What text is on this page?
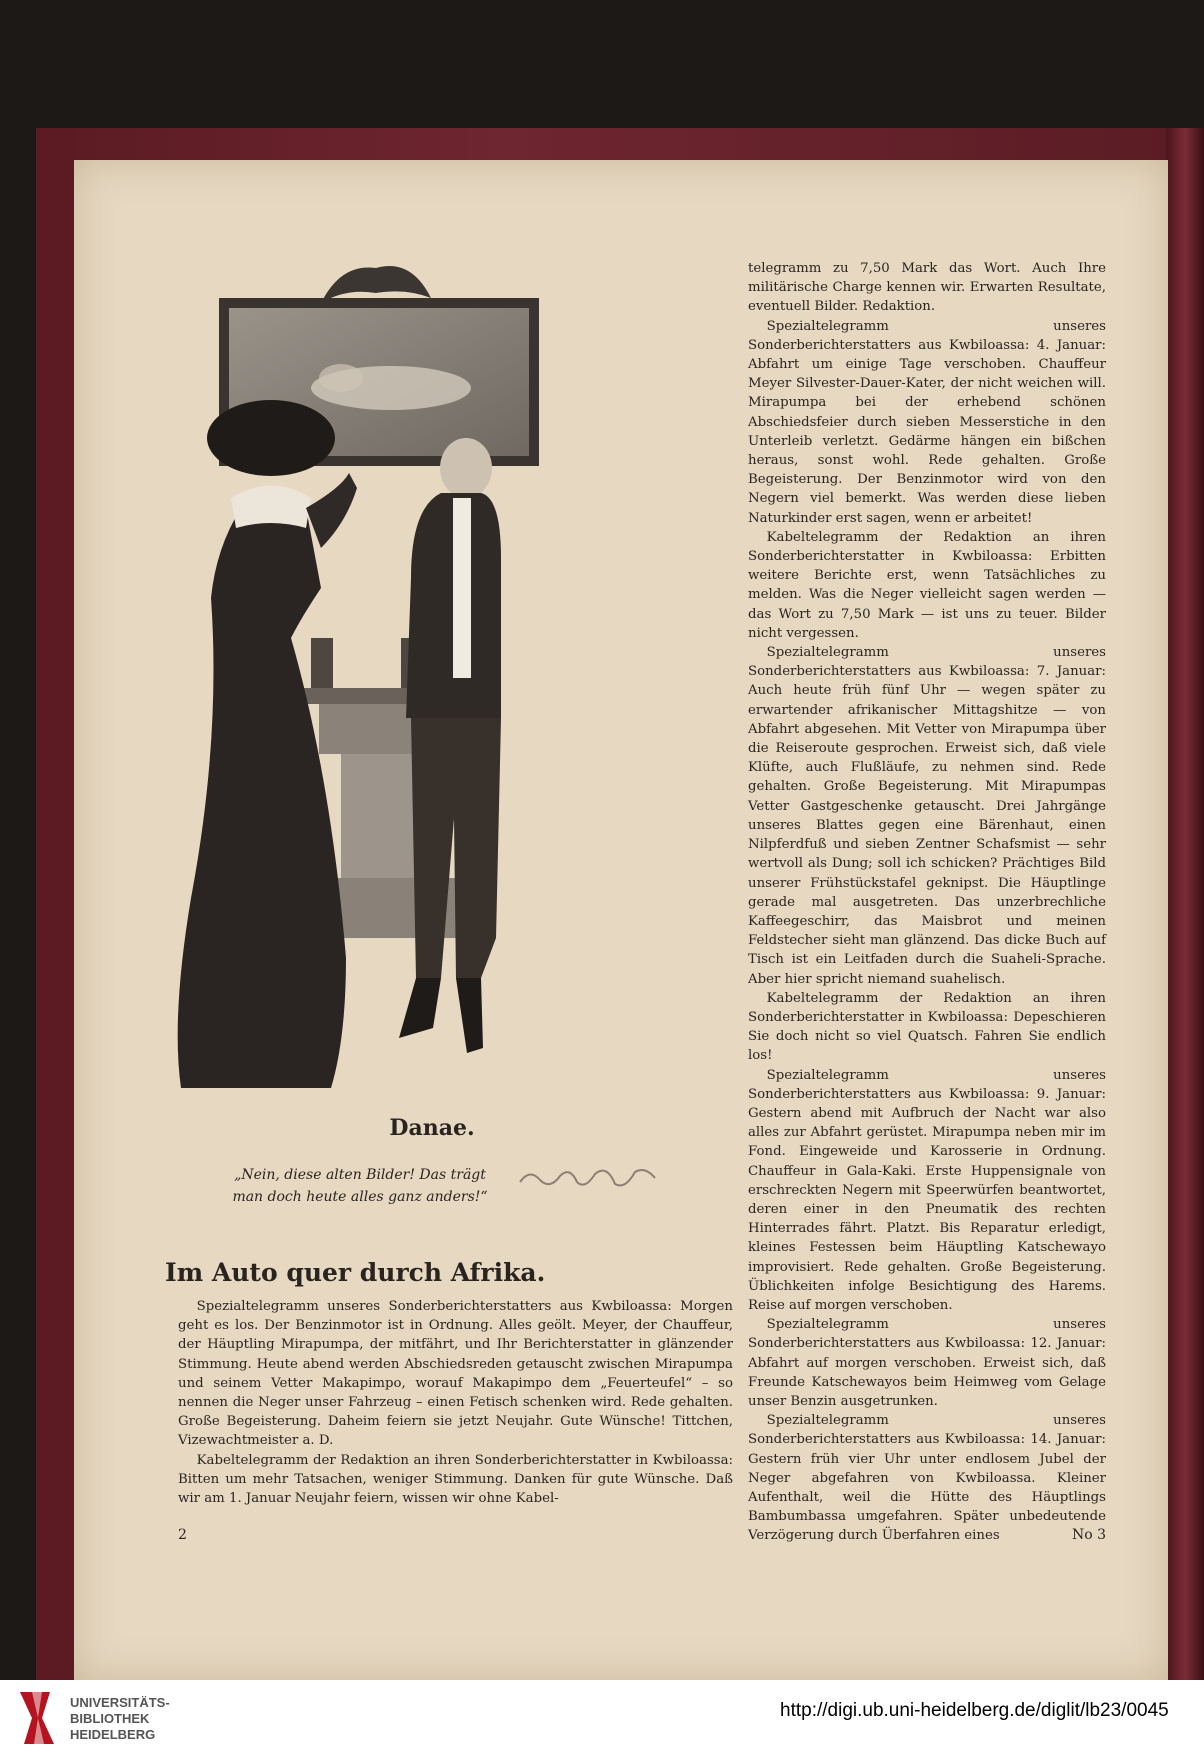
Danae.
„Nein, diese alten Bilder! Das trägt
man doch heute alles ganz anders!“
Im Auto quer durch Afrika.

Spezialtelegramm unseres Sonderberichterstatters aus Kwbiloassa: Morgen geht es los. Der Benzinmotor ist in Ordnung. Alles geölt. Meyer, der Chauffeur, der Häuptling Mirapumpa, der mitfährt, und Ihr Berichterstatter in glänzender Stimmung. Heute abend werden Abschiedsreden getauscht zwischen Mirapumpa und seinem Vetter Makapimpo, worauf Makapimpo dem „Feuerteufel“ – so nennen die Neger unser Fahrzeug – einen Fetisch schenken wird. Rede gehalten. Große Begeisterung. Daheim feiern sie jetzt Neujahr. Gute Wünsche! Tittchen, Vizewachtmeister a. D.

Kabeltelegramm der Redaktion an ihren Sonderberichterstatter in Kwbiloassa: Bitten um mehr Tatsachen, weniger Stimmung. Danken für gute Wünsche. Daß wir am 1. Januar Neujahr feiern, wissen wir ohne Kabel-

telegramm zu 7,50 Mark das Wort. Auch Ihre militärische Charge kennen wir. Erwarten Resultate, eventuell Bilder. Redaktion.

Spezialtelegramm unseres Sonderberichterstatters aus Kwbiloassa: 4. Januar: Abfahrt um einige Tage verschoben. Chauffeur Meyer Silvester-Dauer-Kater, der nicht weichen will. Mirapumpa bei der erhebend schönen Abschiedsfeier durch sieben Messerstiche in den Unterleib verletzt. Gedärme hängen ein bißchen heraus, sonst wohl. Rede gehalten. Große Begeisterung. Der Benzinmotor wird von den Negern viel bemerkt. Was werden diese lieben Naturkinder erst sagen, wenn er arbeitet!

Kabeltelegramm der Redaktion an ihren Sonderberichterstatter in Kwbiloassa: Erbitten weitere Berichte erst, wenn Tatsächliches zu melden. Was die Neger vielleicht sagen werden — das Wort zu 7,50 Mark — ist uns zu teuer. Bilder nicht vergessen.

Spezialtelegramm unseres Sonderberichterstatters aus Kwbiloassa: 7. Januar: Auch heute früh fünf Uhr — wegen später zu erwartender afrikanischer Mittagshitze — von Abfahrt abgesehen. Mit Vetter von Mirapumpa über die Reiseroute gesprochen. Erweist sich, daß viele Klüfte, auch Flußläufe, zu nehmen sind. Rede gehalten. Große Begeisterung. Mit Mirapumpas Vetter Gastgeschenke getauscht. Drei Jahrgänge unseres Blattes gegen eine Bärenhaut, einen Nilpferdfuß und sieben Zentner Schafsmist — sehr wertvoll als Dung; soll ich schicken? Prächtiges Bild unserer Frühstückstafel geknipst. Die Häuptlinge gerade mal ausgetreten. Das unzerbrechliche Kaffeegeschirr, das Maisbrot und meinen Feldstecher sieht man glänzend. Das dicke Buch auf Tisch ist ein Leitfaden durch die Suaheli-Sprache. Aber hier spricht niemand suahelisch.

Kabeltelegramm der Redaktion an ihren Sonderberichterstatter in Kwbiloassa: Depeschieren Sie doch nicht so viel Quatsch. Fahren Sie endlich los!

Spezialtelegramm unseres Sonderberichterstatters aus Kwbiloassa: 9. Januar: Gestern abend mit Aufbruch der Nacht war also alles zur Abfahrt gerüstet. Mirapumpa neben mir im Fond. Eingeweide und Karosserie in Ordnung. Chauffeur in Gala-Kaki. Erste Huppensignale von erschreckten Negern mit Speerwürfen beantwortet, deren einer in den Pneumatik des rechten Hinterrades fährt. Platzt. Bis Reparatur erledigt, kleines Festessen beim Häuptling Katschewayo improvisiert. Rede gehalten. Große Begeisterung. Üblichkeiten infolge Besichtigung des Harems. Reise auf morgen verschoben.

Spezialtelegramm unseres Sonderberichterstatters aus Kwbiloassa: 12. Januar: Abfahrt auf morgen verschoben. Erweist sich, daß Freunde Katschewayos beim Heimweg vom Gelage unser Benzin ausgetrunken.

Spezialtelegramm unseres Sonderberichterstatters aus Kwbiloassa: 14. Januar: Gestern früh vier Uhr unter endlosem Jubel der Neger abgefahren von Kwbiloassa. Kleiner Aufenthalt, weil die Hütte des Häuptlings Bambumbassa umgefahren. Später unbedeutende Verzögerung durch Überfahren eines

2	No 3
UNIVERSITÄTS-
BIBLIOTHEK
HEIDELBERG
http://digi.ub.uni-heidelberg.de/diglit/lb23/0045
